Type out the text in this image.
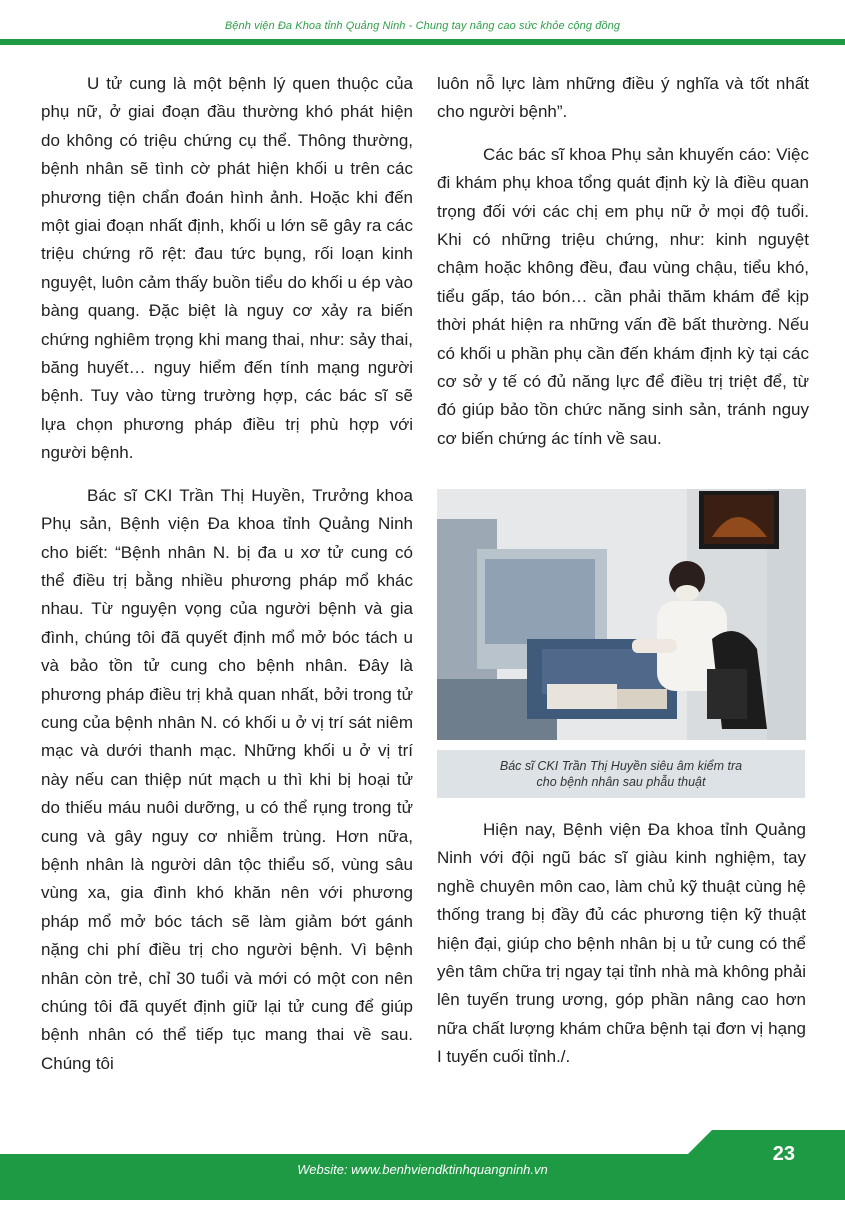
Bệnh viện Đa Khoa tỉnh Quảng Ninh - Chung tay nâng cao sức khỏe cộng đồng

U tử cung là một bệnh lý quen thuộc của phụ nữ, ở giai đoạn đầu thường khó phát hiện do không có triệu chứng cụ thể. Thông thường, bệnh nhân sẽ tình cờ phát hiện khối u trên các phương tiện chẩn đoán hình ảnh. Hoặc khi đến một giai đoạn nhất định, khối u lớn sẽ gây ra các triệu chứng rõ rệt: đau tức bụng, rối loạn kinh nguyệt, luôn cảm thấy buồn tiểu do khối u ép vào bàng quang. Đặc biệt là nguy cơ xảy ra biến chứng nghiêm trọng khi mang thai, như: sảy thai, băng huyết… nguy hiểm đến tính mạng người bệnh. Tuy vào từng trường hợp, các bác sĩ sẽ lựa chọn phương pháp điều trị phù hợp với người bệnh.

Bác sĩ CKI Trần Thị Huyền, Trưởng khoa Phụ sản, Bệnh viện Đa khoa tỉnh Quảng Ninh cho biết: “Bệnh nhân N. bị đa u xơ tử cung có thể điều trị bằng nhiều phương pháp mổ khác nhau. Từ nguyện vọng của người bệnh và gia đình, chúng tôi đã quyết định mổ mở bóc tách u và bảo tồn tử cung cho bệnh nhân. Đây là phương pháp điều trị khả quan nhất, bởi trong tử cung của bệnh nhân N. có khối u ở vị trí sát niêm mạc và dưới thanh mạc. Những khối u ở vị trí này nếu can thiệp nút mạch u thì khi bị hoại tử do thiếu máu nuôi dưỡng, u có thể rụng trong tử cung và gây nguy cơ nhiễm trùng. Hơn nữa, bệnh nhân là người dân tộc thiểu số, vùng sâu vùng xa, gia đình khó khăn nên với phương pháp mổ mở bóc tách sẽ làm giảm bớt gánh nặng chi phí điều trị cho người bệnh. Vì bệnh nhân còn trẻ, chỉ 30 tuổi và mới có một con nên chúng tôi đã quyết định giữ lại tử cung để giúp bệnh nhân có thể tiếp tục mang thai về sau. Chúng tôi

luôn nỗ lực làm những điều ý nghĩa và tốt nhất cho người bệnh”.

Các bác sĩ khoa Phụ sản khuyến cáo: Việc đi khám phụ khoa tổng quát định kỳ là điều quan trọng đối với các chị em phụ nữ ở mọi độ tuổi. Khi có những triệu chứng, như: kinh nguyệt chậm hoặc không đều, đau vùng chậu, tiểu khó, tiểu gấp, táo bón… cần phải thăm khám để kịp thời phát hiện ra những vấn đề bất thường. Nếu có khối u phần phụ cần đến khám định kỳ tại các cơ sở y tế có đủ năng lực để điều trị triệt để, từ đó giúp bảo tồn chức năng sinh sản, tránh nguy cơ biến chứng ác tính về sau.

Bác sĩ CKI Trần Thị Huyền siêu âm kiểm tra
cho bệnh nhân sau phẫu thuật

Hiện nay, Bệnh viện Đa khoa tỉnh Quảng Ninh với đội ngũ bác sĩ giàu kinh nghiệm, tay nghề chuyên môn cao, làm chủ kỹ thuật cùng hệ thống trang bị đầy đủ các phương tiện kỹ thuật hiện đại, giúp cho bệnh nhân bị u tử cung có thể yên tâm chữa trị ngay tại tỉnh nhà mà không phải lên tuyến trung ương, góp phần nâng cao hơn nữa chất lượng khám chữa bệnh tại đơn vị hạng I tuyến cuối tỉnh./.

23
Website: www.benhviendktinhquangninh.vn
